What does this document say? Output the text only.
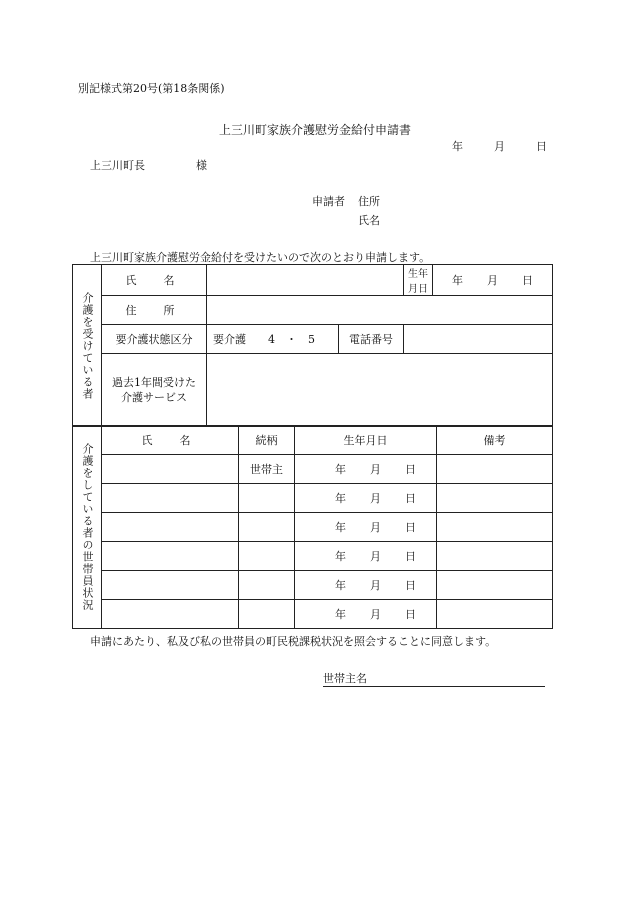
別記様式第20号(第18条関係)
上三川町家族介護慰労金給付申請書
年	月	日
上三川町長	様
申請者 住所
氏名
上三川町家族介護慰労金給付を受けたいので次のとおり申請します。
介護を受けている者	氏　名			生年月日	年 月 日
	住　所				
	要介護状態区分	要介護　　4　・　5	電話番号		
	過去1年間受けた
介護サービス				
介護をしている者の世帯員状況	氏　名	続柄	生年月日	備考
		世帯主	年 月 日	
			年 月 日	
			年 月 日	
			年 月 日	
			年 月 日	
			年 月 日	
申請にあたり、私及び私の世帯員の町民税課税状況を照会することに同意します。
世帯主名
